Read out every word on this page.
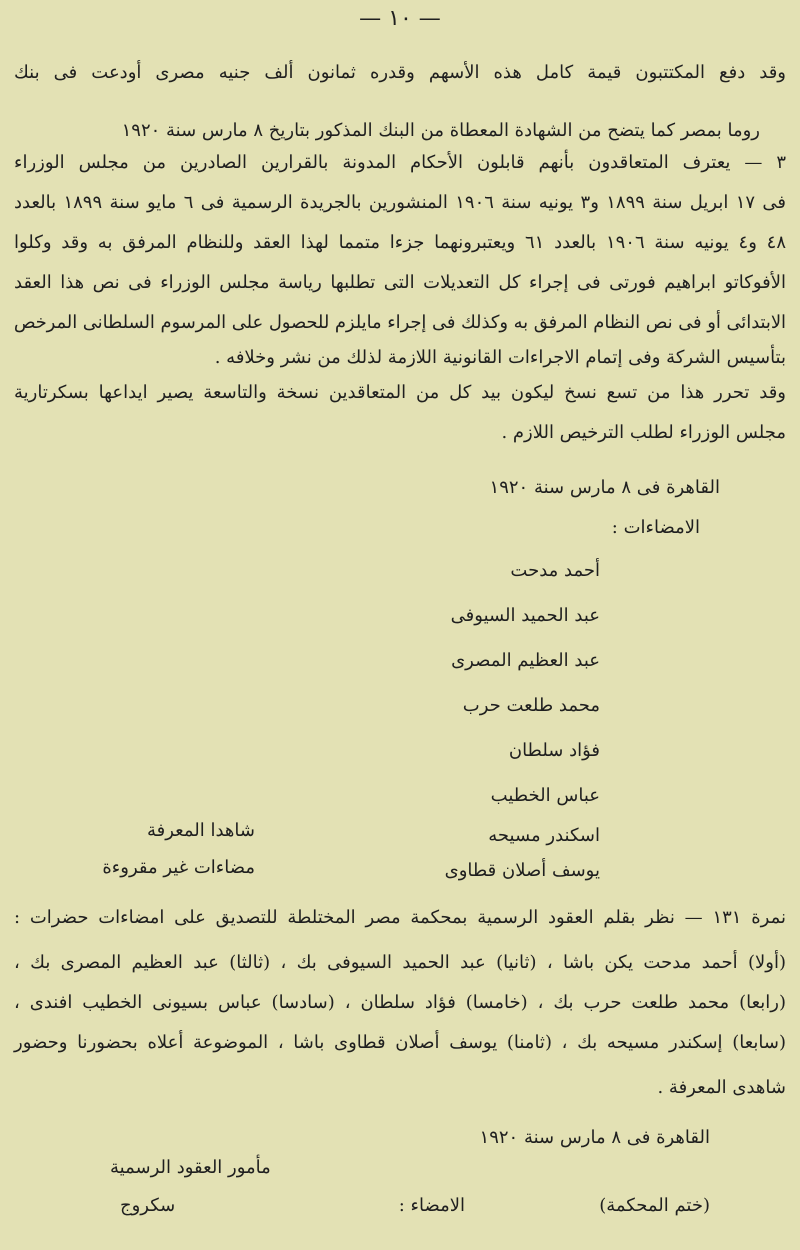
— ١٠ —
وقد دفع المكتتبون قيمة كامل هذه الأسهم وقدره ثمانون ألف جنيه مصرى أودعت فى بنك
روما بمصر كما يتضح من الشهادة المعطاة من البنك المذكور بتاريخ ٨ مارس سنة ١٩٢٠
٣ — يعترف المتعاقدون بأنهم قابلون الأحكام المدونة بالقرارين الصادرين من مجلس الوزراء
فى ١٧ ابريل سنة ١٨٩٩ و٣ يونيه سنة ١٩٠٦ المنشورين بالجريدة الرسمية فى ٦ مايو سنة ١٨٩٩ بالعدد
٤٨ و٤ يونيه سنة ١٩٠٦ بالعدد ٦١ ويعتبرونهما جزءا متمما لهذا العقد وللنظام المرفق به وقد وكلوا
الأفوكاتو ابراهيم فورتى فى إجراء كل التعديلات التى تطلبها رياسة مجلس الوزراء فى نص هذا العقد
الابتدائى أو فى نص النظام المرفق به وكذلك فى إجراء مايلزم للحصول على المرسوم السلطانى المرخص
بتأسيس الشركة وفى إتمام الاجراءات القانونية اللازمة لذلك من نشر وخلافه .
وقد تحرر هذا من تسع نسخ ليكون بيد كل من المتعاقدين نسخة والتاسعة يصير ايداعها بسكرتارية
مجلس الوزراء لطلب الترخيص اللازم .
القاهرة فى ٨ مارس سنة ١٩٢٠
الامضاءات :
أحمد مدحت
عبد الحميد السيوفى
عبد العظيم المصرى
محمد طلعت حرب
فؤاد سلطان
عباس الخطيب
اسكندر مسيحه
يوسف أصلان قطاوى
شاهدا المعرفة
مضاءات غير مقروءة
نمرة ١٣١ — نظر بقلم العقود الرسمية بمحكمة مصر المختلطة للتصديق على امضاءات حضرات :
(أولا) أحمد مدحت يكن باشا ، (ثانيا) عبد الحميد السيوفى بك ، (ثالثا) عبد العظيم المصرى بك ،
(رابعا) محمد طلعت حرب بك ، (خامسا) فؤاد سلطان ، (سادسا) عباس بسيونى الخطيب افندى ،
(سابعا) إسكندر مسيحه بك ، (ثامنا) يوسف أصلان قطاوى باشا ، الموضوعة أعلاه بحضورنا وحضور
شاهدى المعرفة .
القاهرة فى ٨ مارس سنة ١٩٢٠
مأمور العقود الرسمية
سكروج	الامضاء :	(ختم المحكمة)
